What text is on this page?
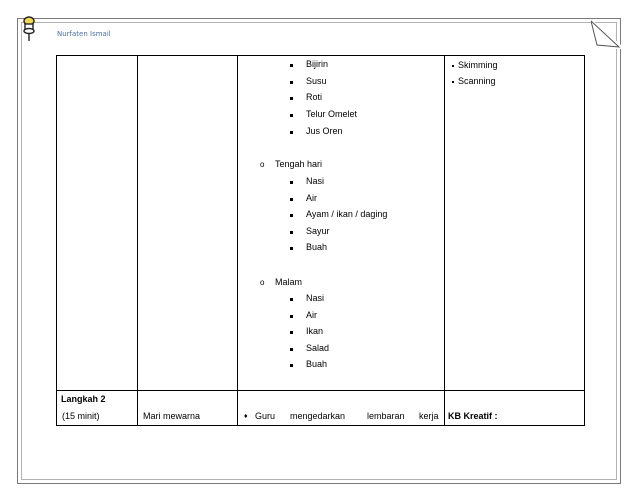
Nurfaten Ismail
Bijirin
Susu
Roti
Telur Omelet
Jus Oren
o Tengah hari
Nasi
Air
Ayam / ikan / daging
Sayur
Buah
o Malam
Nasi
Air
Ikan
Salad
Buah
Skimming
Scanning
Langkah 2
(15 minit)	Mari mewarna	♦ Guru mengedarkan lembaran kerja KB Kreatif :
